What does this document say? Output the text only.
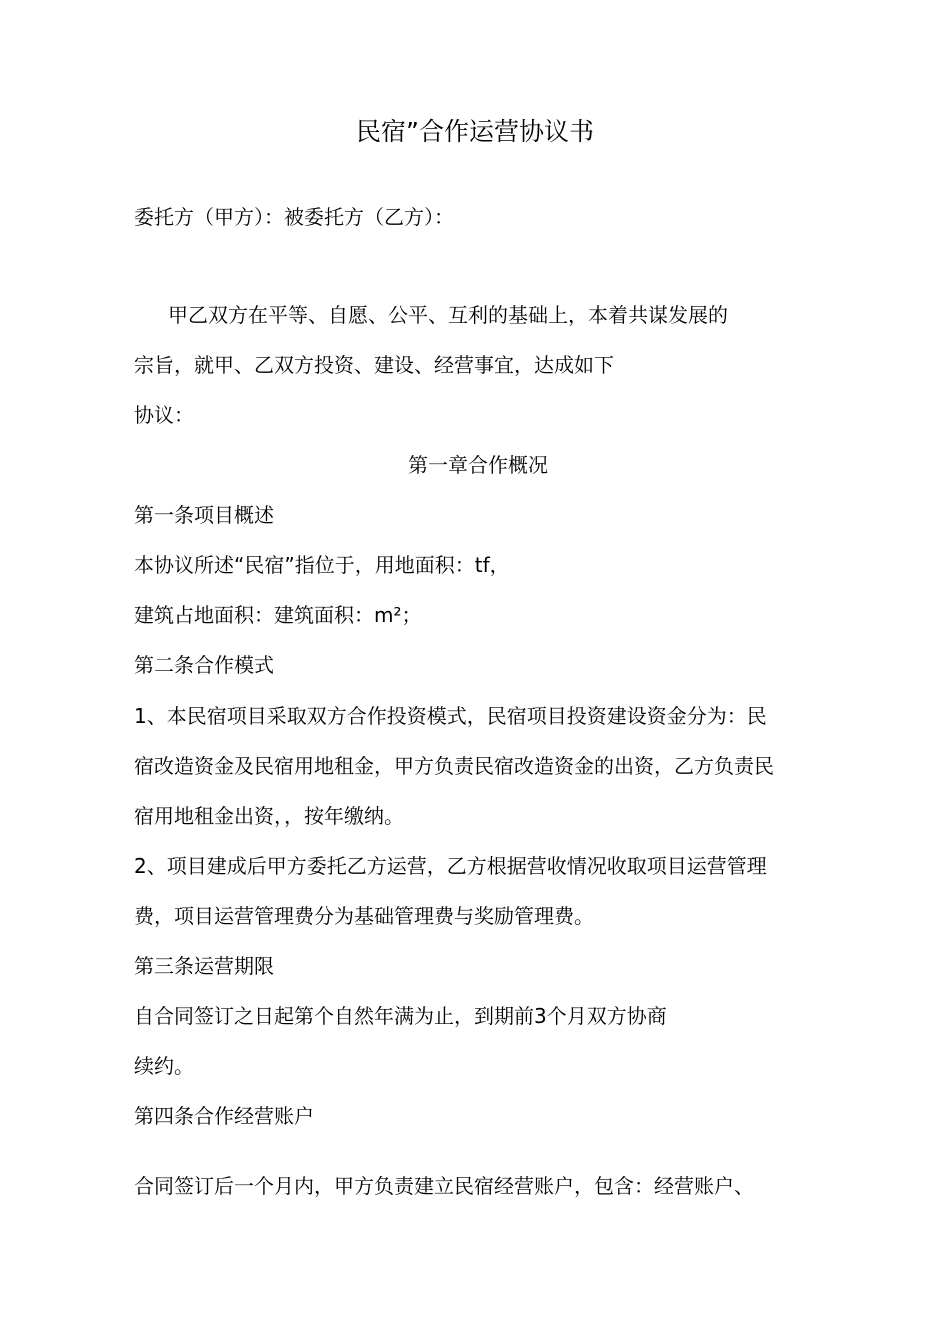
民宿”合作运营协议书
委托方（甲方）：被委托方（乙方）：
甲乙双方在平等、自愿、公平、互利的基础上，本着共谋发展的
宗旨，就甲、乙双方投资、建设、经营事宜，达成如下
协议：
第一章合作概况
第一条项目概述
本协议所述“民宿”指位于，用地面积：tf，
建筑占地面积：建筑面积：m²；
第二条合作模式
1、本民宿项目采取双方合作投资模式，民宿项目投资建设资金分为：民
宿改造资金及民宿用地租金，甲方负责民宿改造资金的出资，乙方负责民
宿用地租金出资，，按年缴纳。
2、项目建成后甲方委托乙方运营，乙方根据营收情况收取项目运营管理
费，项目运营管理费分为基础管理费与奖励管理费。
第三条运营期限
自合同签订之日起第个自然年满为止，到期前3个月双方协商
续约。
第四条合作经营账户
合同签订后一个月内，甲方负责建立民宿经营账户，包含：经营账户、
